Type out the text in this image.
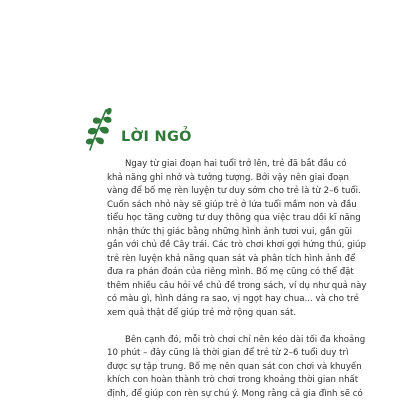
LỜI NGỎ
Ngay từ giai đoạn hai tuổi trở lên, trẻ đã bắt đầu có
khả năng ghi nhớ và tưởng tượng. Bởi vậy nên giai đoạn
vàng để bố mẹ rèn luyện tư duy sớm cho trẻ là từ 2–6 tuổi.
Cuốn sách nhỏ này sẽ giúp trẻ ở lứa tuổi mầm non và đầu
tiểu học tăng cường tư duy thông qua việc trau dồi kĩ năng
nhận thức thị giác bằng những hình ảnh tươi vui, gần gũi
gắn với chủ đề Cây trái. Các trò chơi khơi gợi hứng thú, giúp
trẻ rèn luyện khả năng quan sát và phân tích hình ảnh để
đưa ra phán đoán của riêng mình. Bố mẹ cũng có thể đặt
thêm nhiều câu hỏi về chủ đề trong sách, ví dụ như quả này
có màu gì, hình dáng ra sao, vị ngọt hay chua... và cho trẻ
xem quả thật để giúp trẻ mở rộng quan sát.
Bên cạnh đó, mỗi trò chơi chỉ nên kéo dài tối đa khoảng
10 phút – đây cũng là thời gian để trẻ từ 2–6 tuổi duy trì
được sự tập trung. Bố mẹ nên quan sát con chơi và khuyến
khích con hoàn thành trò chơi trong khoảng thời gian nhất
định, để giúp con rèn sự chú ý. Mong rằng cả gia đình sẽ có
